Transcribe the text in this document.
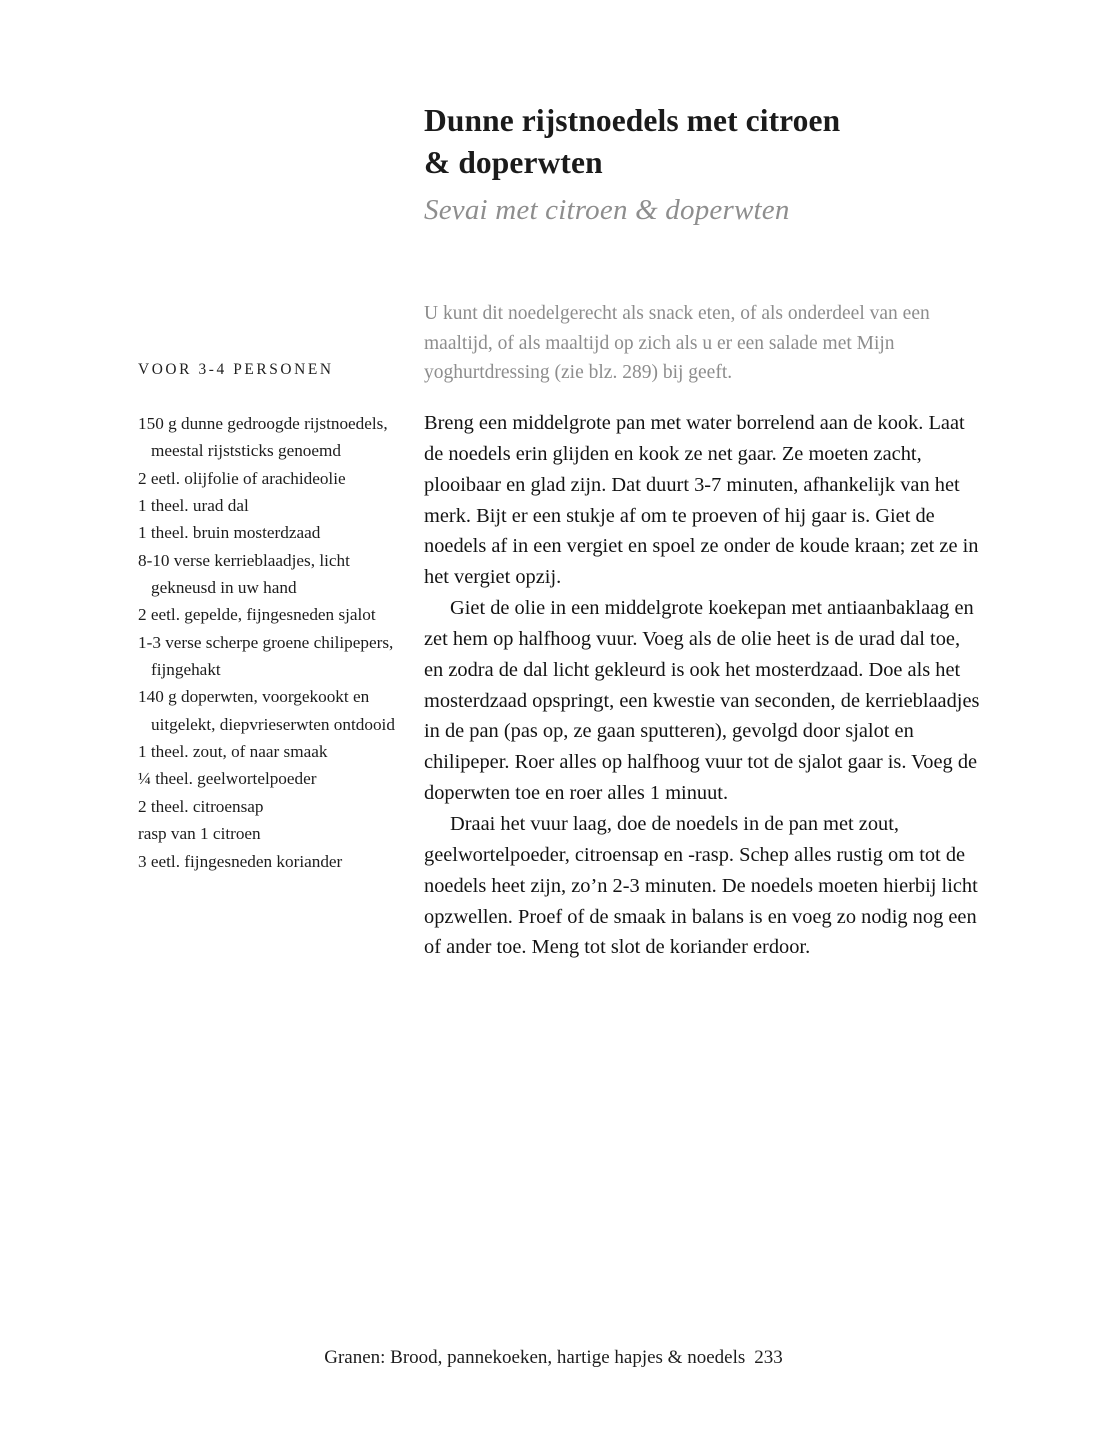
Dunne rijstnoedels met citroen
& doperwten
Sevai met citroen & doperwten

U kunt dit noedelgerecht als snack eten, of als onderdeel van een maaltijd, of als maaltijd op zich als u er een salade met Mijn yoghurtdressing (zie blz. 289) bij geeft.

VOOR 3-4 PERSONEN
150 g dunne gedroogde rijstnoedels, meestal rijststicks genoemd
2 eetl. olijfolie of arachideolie
1 theel. urad dal
1 theel. bruin mosterdzaad
8-10 verse kerrieblaadjes, licht gekneusd in uw hand
2 eetl. gepelde, fijngesneden sjalot
1-3 verse scherpe groene chilipepers, fijngehakt
140 g doperwten, voorgekookt en uitgelekt, diepvrieserwten ontdooid
1 theel. zout, of naar smaak
¼ theel. geelwortelpoeder
2 theel. citroensap
rasp van 1 citroen
3 eetl. fijngesneden koriander

Breng een middelgrote pan met water borrelend aan de kook. Laat de noedels erin glijden en kook ze net gaar. Ze moeten zacht, plooibaar en glad zijn. Dat duurt 3-7 minuten, afhankelijk van het merk. Bijt er een stukje af om te proeven of hij gaar is. Giet de noedels af in een vergiet en spoel ze onder de koude kraan; zet ze in het vergiet opzij.

Giet de olie in een middelgrote koekepan met antiaanbaklaag en zet hem op halfhoog vuur. Voeg als de olie heet is de urad dal toe, en zodra de dal licht gekleurd is ook het mosterdzaad. Doe als het mosterdzaad opspringt, een kwestie van seconden, de kerrieblaadjes in de pan (pas op, ze gaan sputteren), gevolgd door sjalot en chilipeper. Roer alles op halfhoog vuur tot de sjalot gaar is. Voeg de doperwten toe en roer alles 1 minuut.

Draai het vuur laag, doe de noedels in de pan met zout, geelwortelpoeder, citroensap en -rasp. Schep alles rustig om tot de noedels heet zijn, zo’n 2-3 minuten. De noedels moeten hierbij licht opzwellen. Proef of de smaak in balans is en voeg zo nodig nog een of ander toe. Meng tot slot de koriander erdoor.

Granen: Brood, pannekoeken, hartige hapjes & noedels 233
